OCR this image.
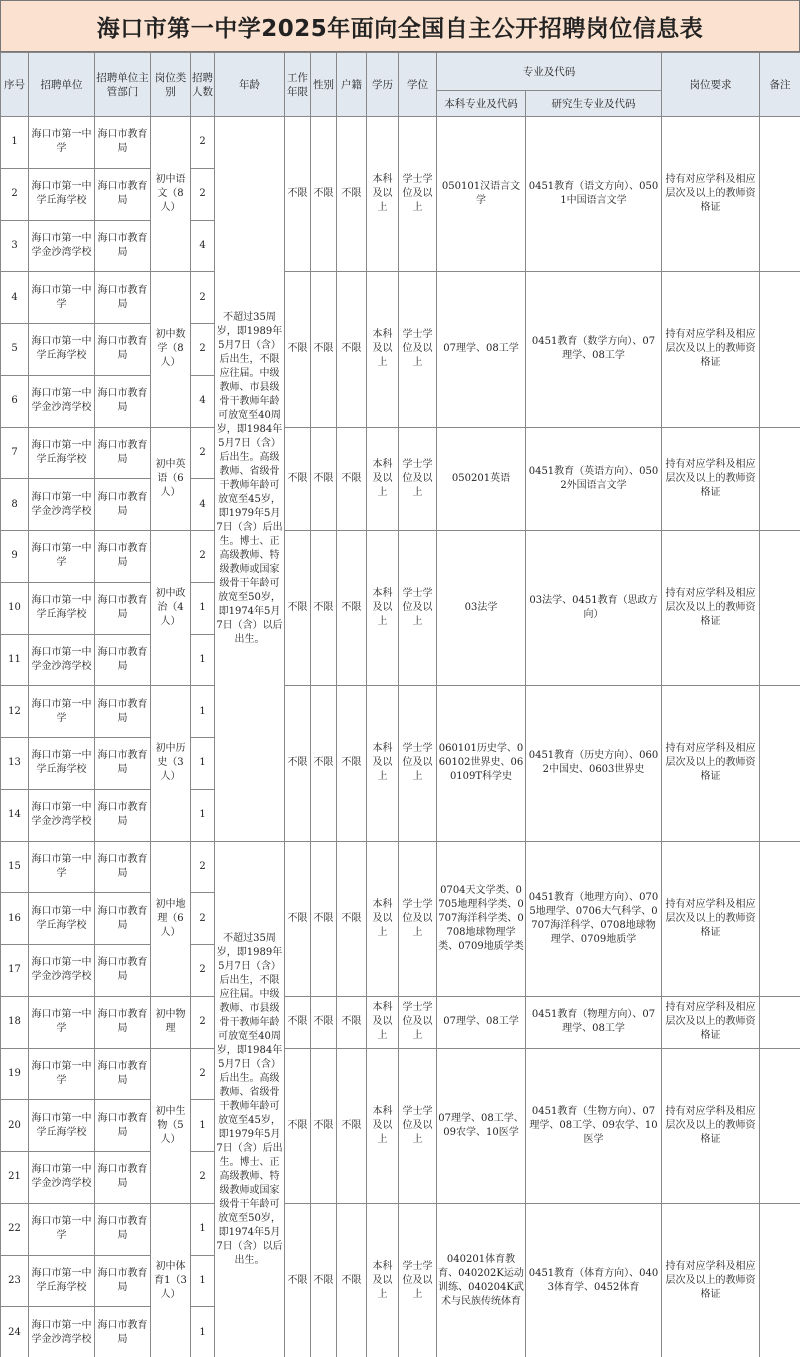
海口市第一中学2025年面向全国自主公开招聘岗位信息表
序号	招聘单位	招聘单位主管部门	岗位类别	招聘人数	年龄	工作年限	性别	户籍	学历	学位	专业及代码		岗位要求	备注
											本科专业及代码	研究生专业及代码		
1	海口市第一中学	海口市教育局	初中语文（8人）	2	不超过35周岁，即1989年5月7日（含）后出生，不限应往届。中级教师、市县级骨干教师年龄可放宽至40周岁，即1984年5月7日（含）后出生。高级教师、省级骨干教师年龄可放宽至45岁，即1979年5月7日（含）后出生。博士、正高级教师、特级教师或国家级骨干年龄可放宽至50岁，即1974年5月7日（含）以后出生。	不限	不限	不限	本科及以上	学士学位及以上	050101汉语言文学	0451教育（语文方向）、0501中国语言文学	持有对应学科及相应层次及以上的教师资格证	
2	海口市第一中学丘海学校	海口市教育局		2										
3	海口市第一中学金沙湾学校	海口市教育局		4										
4	海口市第一中学	海口市教育局	初中数学（8人）	2		不限	不限	不限	本科及以上	学士学位及以上	07理学、08工学	0451教育（数学方向）、07理学、08工学	持有对应学科及相应层次及以上的教师资格证	
5	海口市第一中学丘海学校	海口市教育局		2										
6	海口市第一中学金沙湾学校	海口市教育局		4										
7	海口市第一中学丘海学校	海口市教育局	初中英语（6人）	2		不限	不限	不限	本科及以上	学士学位及以上	050201英语	0451教育（英语方向）、0502外国语言文学	持有对应学科及相应层次及以上的教师资格证	
8	海口市第一中学金沙湾学校	海口市教育局		4										
9	海口市第一中学	海口市教育局	初中政治（4人）	2		不限	不限	不限	本科及以上	学士学位及以上	03法学	03法学、0451教育（思政方向）	持有对应学科及相应层次及以上的教师资格证	
10	海口市第一中学丘海学校	海口市教育局		1										
11	海口市第一中学金沙湾学校	海口市教育局		1										
12	海口市第一中学	海口市教育局	初中历史（3人）	1		不限	不限	不限	本科及以上	学士学位及以上	060101历史学、060102世界史、060109T科学史	0451教育（历史方向）、0602中国史、0603世界史	持有对应学科及相应层次及以上的教师资格证	
13	海口市第一中学丘海学校	海口市教育局		1										
14	海口市第一中学金沙湾学校	海口市教育局		1										
15	海口市第一中学	海口市教育局	初中地理（6人）	2	不超过35周岁，即1989年5月7日（含）后出生，不限应往届。中级教师、市县级骨干教师年龄可放宽至40周岁，即1984年5月7日（含）后出生。高级教师、省级骨干教师年龄可放宽至45岁，即1979年5月7日（含）后出生。博士、正高级教师、特级教师或国家级骨干年龄可放宽至50岁，即1974年5月7日（含）以后出生。	不限	不限	不限	本科及以上	学士学位及以上	0704天文学类、0705地理科学类、0707海洋科学类、0708地球物理学类、0709地质学类	0451教育（地理方向）、0705地理学、0706大气科学、0707海洋科学、0708地球物理学、0709地质学	持有对应学科及相应层次及以上的教师资格证	
16	海口市第一中学丘海学校	海口市教育局		2										
17	海口市第一中学金沙湾学校	海口市教育局		2										
18	海口市第一中学	海口市教育局	初中物理	2		不限	不限	不限	本科及以上	学士学位及以上	07理学、08工学	0451教育（物理方向）、07理学、08工学	持有对应学科及相应层次及以上的教师资格证	
19	海口市第一中学	海口市教育局	初中生物（5人）	2		不限	不限	不限	本科及以上	学士学位及以上	07理学、08工学、09农学、10医学	0451教育（生物方向）、07理学、08工学、09农学、10医学	持有对应学科及相应层次及以上的教师资格证	
20	海口市第一中学丘海学校	海口市教育局		1										
21	海口市第一中学金沙湾学校	海口市教育局		2										
22	海口市第一中学	海口市教育局	初中体育1（3人）	1		不限	不限	不限	本科及以上	学士学位及以上	040201体育教育、040202K运动训练、040204K武术与民族传统体育	0451教育（体育方向）、0403体育学、0452体育	持有对应学科及相应层次及以上的教师资格证	
23	海口市第一中学丘海学校	海口市教育局		1										
24	海口市第一中学金沙湾学校	海口市教育局		1										
